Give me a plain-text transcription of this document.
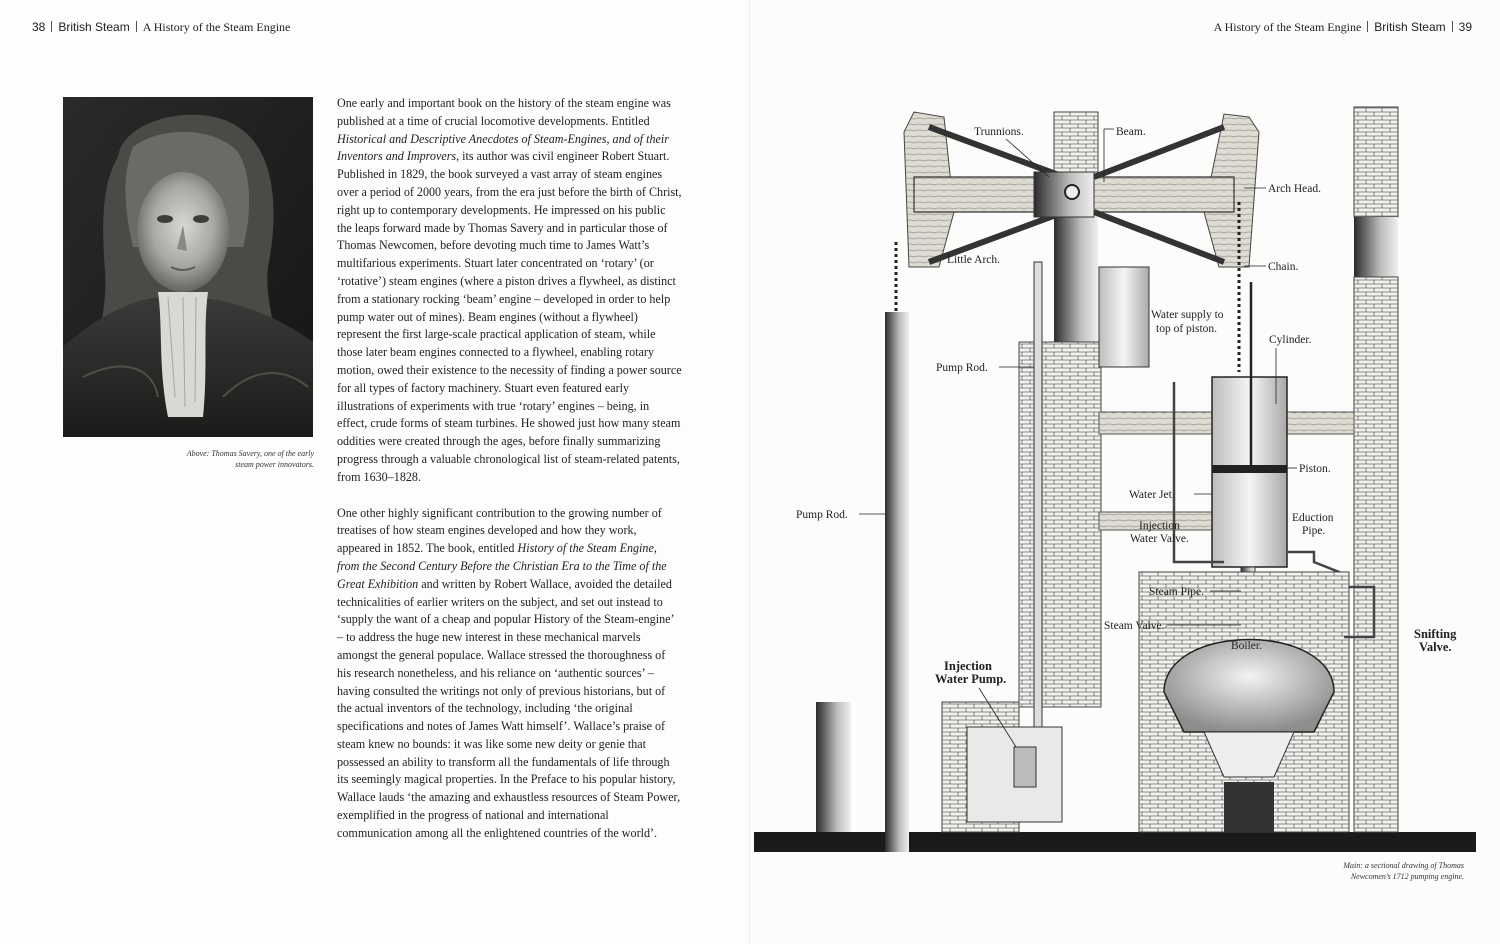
38 British Steam A History of the Steam Engine
Above: Thomas Savery, one of the early
steam power innovators.

One early and important book on the history of the steam engine was published at a time of crucial locomotive developments. Entitled Historical and Descriptive Anecdotes of Steam-Engines, and of their Inventors and Improvers, its author was civil engineer Robert Stuart. Published in 1829, the book surveyed a vast array of steam engines over a period of 2000 years, from the era just before the birth of Christ, right up to contemporary developments. He impressed on his public the leaps forward made by Thomas Savery and in particular those of Thomas Newcomen, before devoting much time to James Watt’s multifarious experiments. Stuart later concentrated on ‘rotary’ (or ‘rotative’) steam engines (where a piston drives a flywheel, as distinct from a stationary rocking ‘beam’ engine – developed in order to help pump water out of mines). Beam engines (without a flywheel) represent the first large-scale practical application of steam, while those later beam engines connected to a flywheel, enabling rotary motion, owed their existence to the necessity of finding a power source for all types of factory machinery. Stuart even featured early illustrations of experiments with true ‘rotary’ engines – being, in effect, crude forms of steam turbines. He showed just how many steam oddities were created through the ages, before finally summarizing progress through a valuable chronological list of steam-related patents, from 1630–1828.

One other highly significant contribution to the growing number of treatises of how steam engines developed and how they work, appeared in 1852. The book, entitled History of the Steam Engine, from the Second Century Before the Christian Era to the Time of the Great Exhibition and written by Robert Wallace, avoided the detailed technicalities of earlier writers on the subject, and set out instead to ‘supply the want of a cheap and popular History of the Steam-engine’ – to address the huge new interest in these mechanical marvels amongst the general populace. Wallace stressed the thoroughness of his research nonetheless, and his reliance on ‘authentic sources’ – having consulted the writings not only of previous historians, but of the actual inventors of the technology, including ‘the original specifications and notes of James Watt himself’. Wallace’s praise of steam knew no bounds: it was like some new deity or genie that possessed an ability to transform all the fundamentals of life through its seemingly magical properties. In the Preface to his popular history, Wallace lauds ‘the amazing and exhaustless resources of Steam Power, exemplified in the progress of national and international communication among all the enlightened countries of the world’.

A History of the Steam Engine British Steam 39
Trunnions.	Beam.
Arch Head.
Little Arch.
Chain.
Water supply to
top of piston.
Cylinder.
Pump Rod.
Piston.
Water Jet.
Pump Rod.
Injection
Water Valve.
Eduction
Pipe.
Steam Pipe.
Steam Valve.
Boiler.
Snifting
Valve.
Injection
Water Pump.
Main: a sectional drawing of Thomas
Newcomen’s 1712 pumping engine.
